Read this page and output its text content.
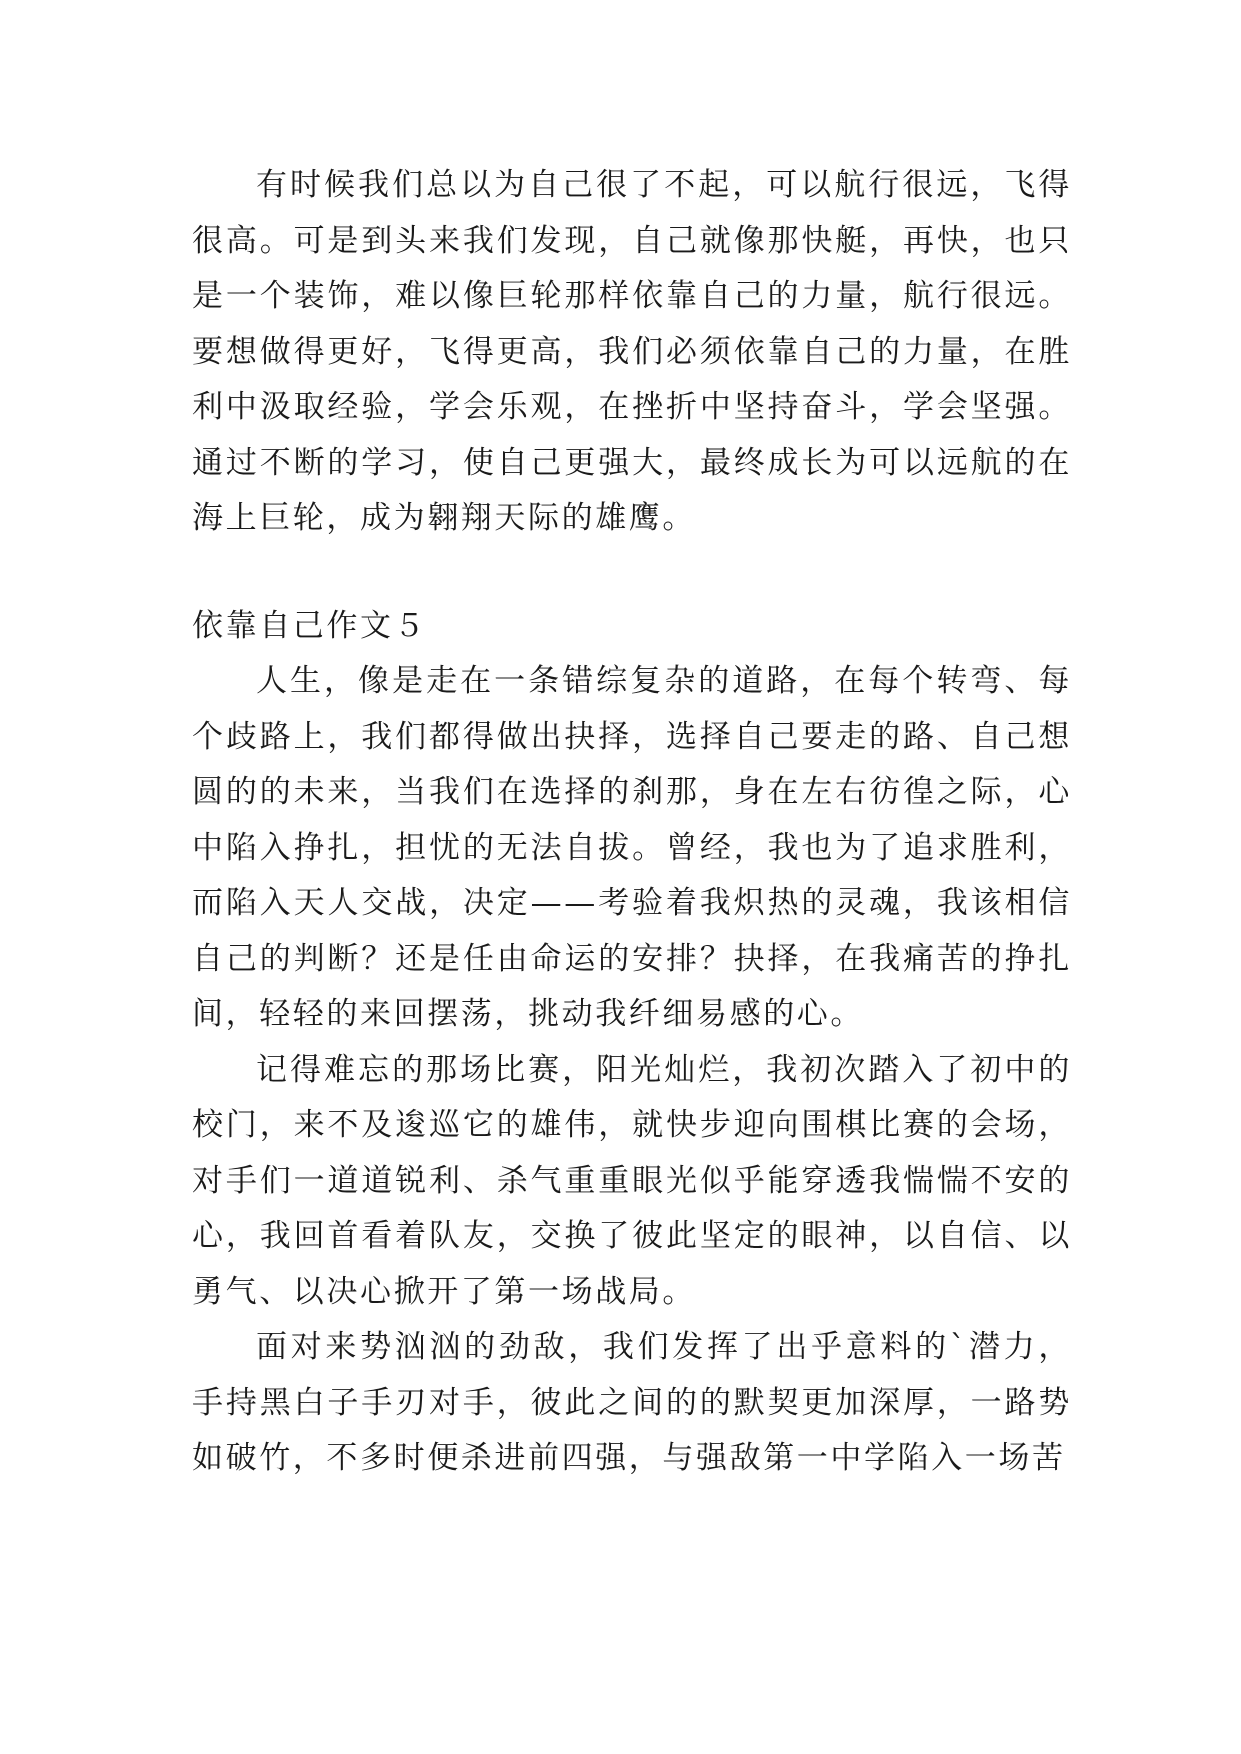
有时候我们总以为自己很了不起，可以航行很远，飞得很高。可是到头来我们发现，自己就像那快艇，再快，也只是一个装饰，难以像巨轮那样依靠自己的力量，航行很远。要想做得更好，飞得更高，我们必须依靠自己的力量，在胜利中汲取经验，学会乐观，在挫折中坚持奋斗，学会坚强。通过不断的学习，使自己更强大，最终成长为可以远航的在海上巨轮，成为翱翔天际的雄鹰。

依靠自己作文５

人生，像是走在一条错综复杂的道路，在每个转弯、每个歧路上，我们都得做出抉择，选择自己要走的路、自己想圆的的未来，当我们在选择的刹那，身在左右彷徨之际，心中陷入挣扎，担忧的无法自拔。曾经，我也为了追求胜利，而陷入天人交战，决定——考验着我炽热的灵魂，我该相信自己的判断？还是任由命运的安排？抉择，在我痛苦的挣扎间，轻轻的来回摆荡，挑动我纤细易感的心。

记得难忘的那场比赛，阳光灿烂，我初次踏入了初中的校门，来不及逡巡它的雄伟，就快步迎向围棋比赛的会场，对手们一道道锐利、杀气重重眼光似乎能穿透我惴惴不安的心，我回首看着队友，交换了彼此坚定的眼神，以自信、以勇气、以决心掀开了第一场战局。

面对来势汹汹的劲敌，我们发挥了出乎意料的`潜力，手持黑白子手刃对手，彼此之间的的默契更加深厚，一路势如破竹，不多时便杀进前四强，与强敌第一中学陷入一场苦
